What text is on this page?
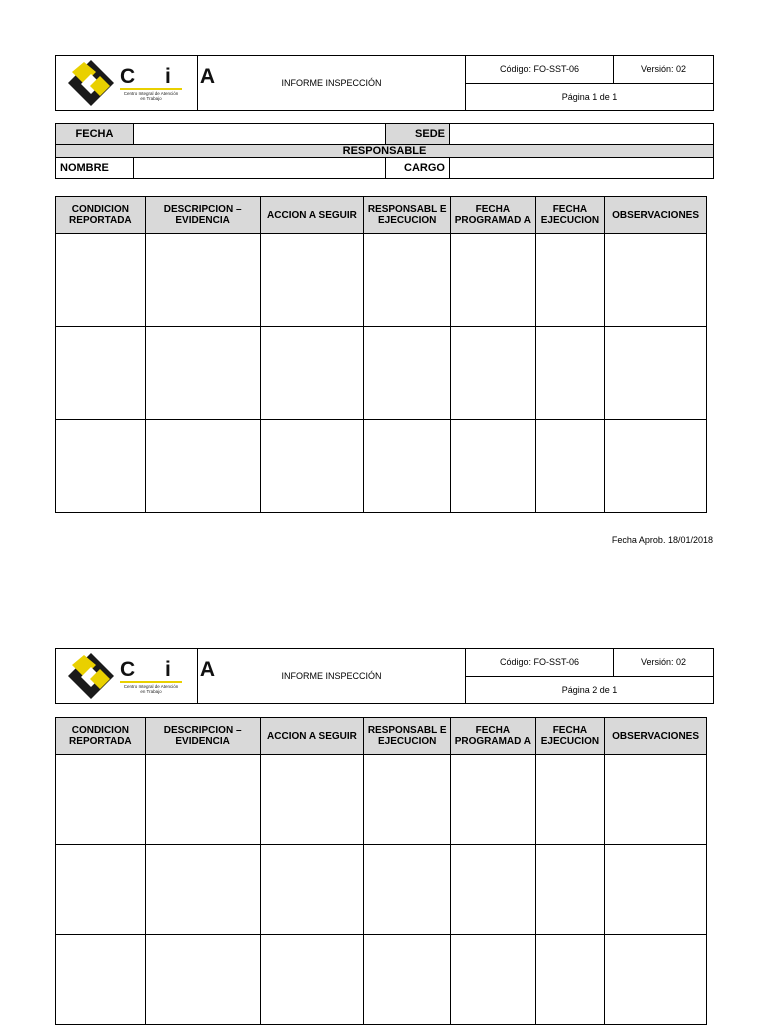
C i A
Centro Integral de Atención
en Trabajo
	INFORME INSPECCIÓN	Código: FO-SST-06	Versión: 02
Página 1 de 1
FECHA		SEDE	
RESPONSABLE			
NOMBRE		CARGO	
CONDICION REPORTADA	DESCRIPCION – EVIDENCIA	ACCION A SEGUIR	RESPONSABL E EJECUCION	FECHA PROGRAMAD A	FECHA EJECUCION	OBSERVACIONES

Fecha Aprob. 18/01/2018
C i A
Centro Integral de Atención
en Trabajo
	INFORME INSPECCIÓN	Código: FO-SST-06	Versión: 02
Página 2 de 1
CONDICION REPORTADA	DESCRIPCION – EVIDENCIA	ACCION A SEGUIR	RESPONSABL E EJECUCION	FECHA PROGRAMAD A	FECHA EJECUCION	OBSERVACIONES
